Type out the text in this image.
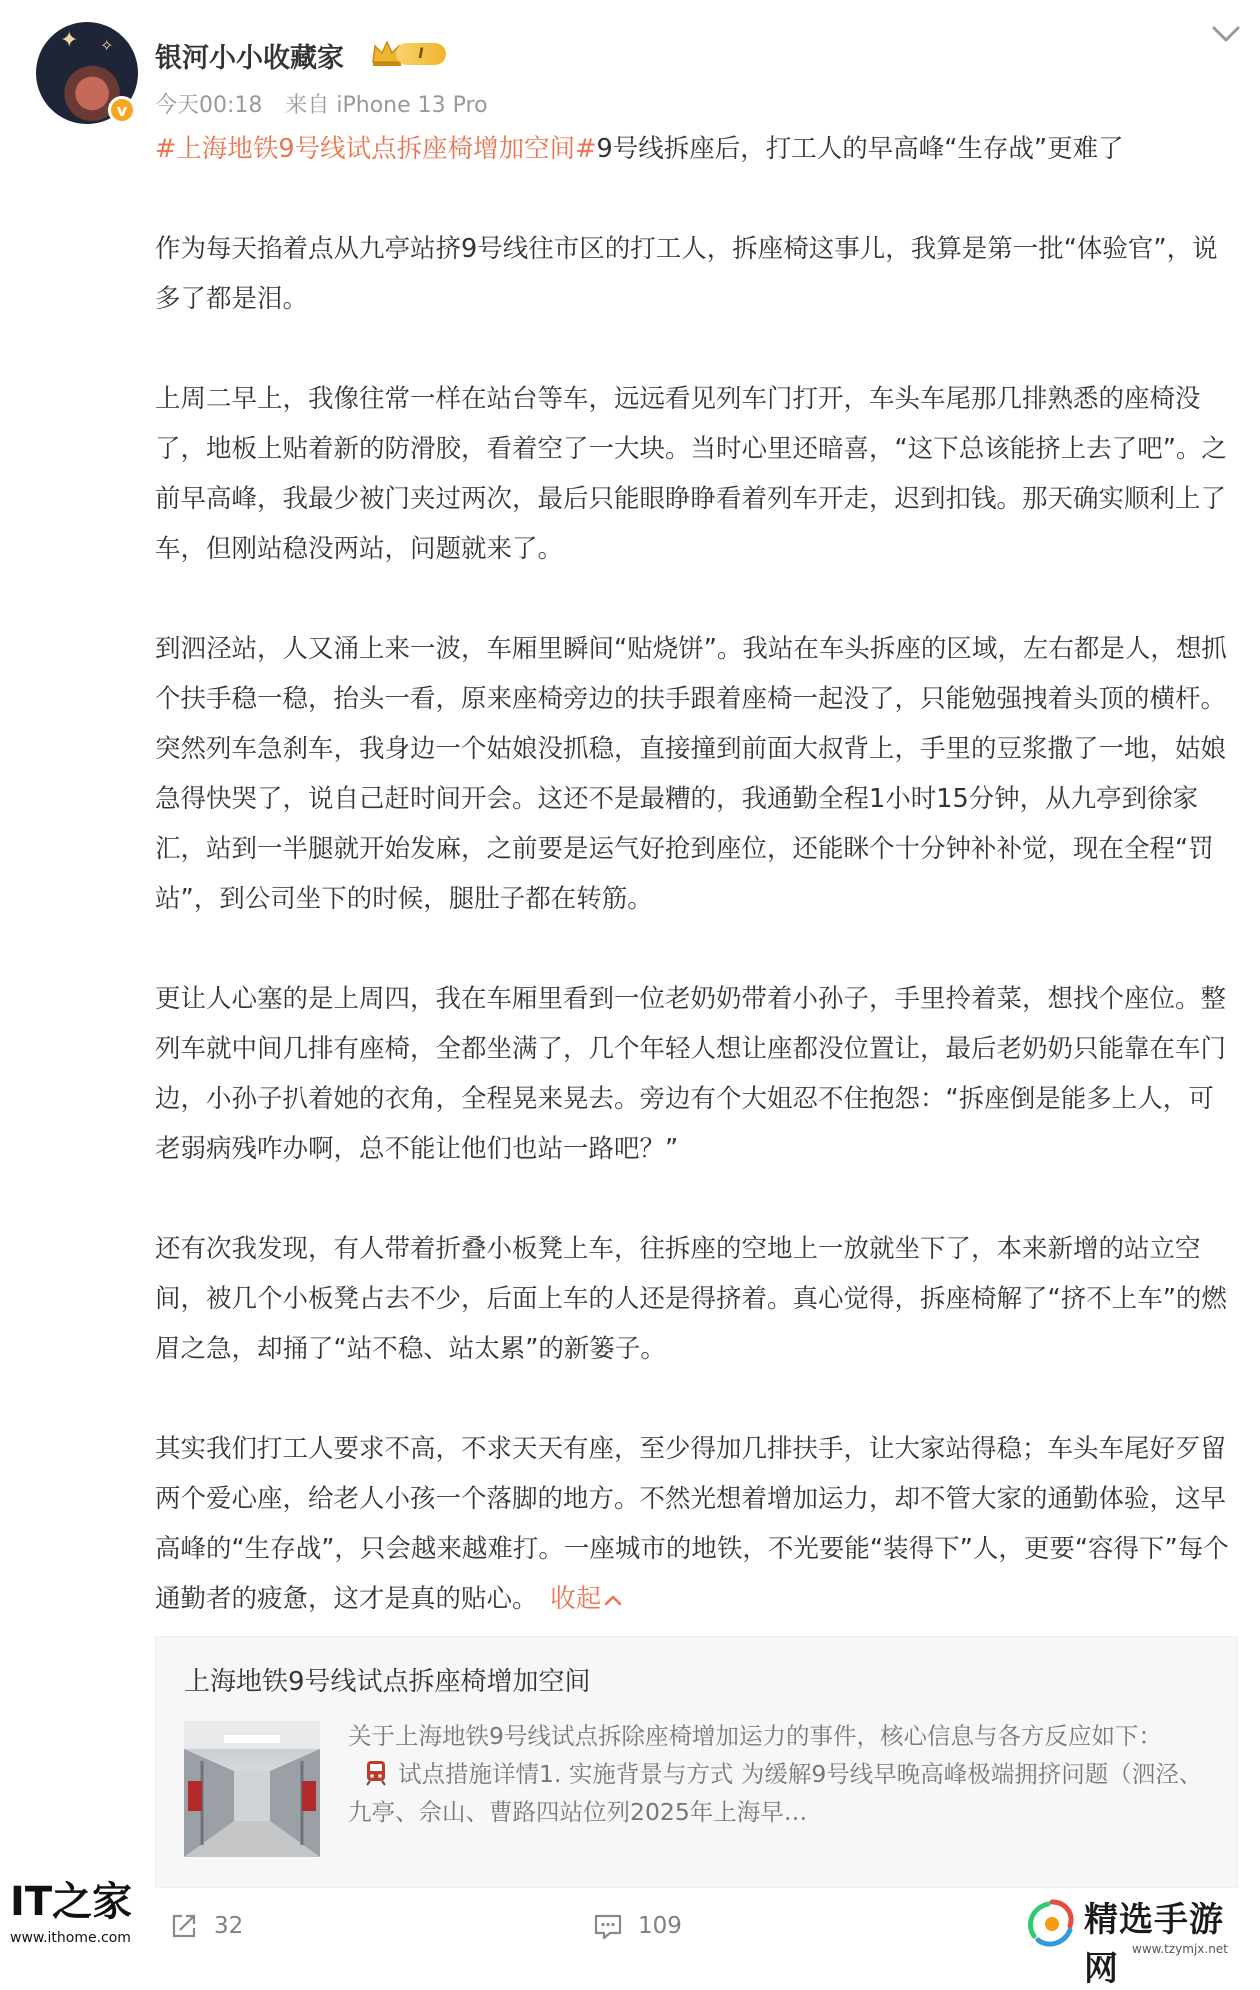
✦ ✧
v
银河小小收藏家	I
今天00:18 来自 iPhone 13 Pro

#上海地铁9号线试点拆座椅增加空间#9号线拆座后，打工人的早高峰“生存战”更难了

作为每天掐着点从九亭站挤9号线往市区的打工人，拆座椅这事儿，我算是第一批“体验官”，说多了都是泪。

上周二早上，我像往常一样在站台等车，远远看见列车门打开，车头车尾那几排熟悉的座椅没了，地板上贴着新的防滑胶，看着空了一大块。当时心里还暗喜，“这下总该能挤上去了吧”。之前早高峰，我最少被门夹过两次，最后只能眼睁睁看着列车开走，迟到扣钱。那天确实顺利上了车，但刚站稳没两站，问题就来了。

到泗泾站，人又涌上来一波，车厢里瞬间“贴烧饼”。我站在车头拆座的区域，左右都是人，想抓个扶手稳一稳，抬头一看，原来座椅旁边的扶手跟着座椅一起没了，只能勉强拽着头顶的横杆。突然列车急刹车，我身边一个姑娘没抓稳，直接撞到前面大叔背上，手里的豆浆撒了一地，姑娘急得快哭了，说自己赶时间开会。这还不是最糟的，我通勤全程1小时15分钟，从九亭到徐家汇，站到一半腿就开始发麻，之前要是运气好抢到座位，还能眯个十分钟补补觉，现在全程“罚站”，到公司坐下的时候，腿肚子都在转筋。

更让人心塞的是上周四，我在车厢里看到一位老奶奶带着小孙子，手里拎着菜，想找个座位。整列车就中间几排有座椅，全都坐满了，几个年轻人想让座都没位置让，最后老奶奶只能靠在车门边，小孙子扒着她的衣角，全程晃来晃去。旁边有个大姐忍不住抱怨：“拆座倒是能多上人，可老弱病残咋办啊，总不能让他们也站一路吧？”

还有次我发现，有人带着折叠小板凳上车，往拆座的空地上一放就坐下了，本来新增的站立空间，被几个小板凳占去不少，后面上车的人还是得挤着。真心觉得，拆座椅解了“挤不上车”的燃眉之急，却捅了“站不稳、站太累”的新篓子。

其实我们打工人要求不高，不求天天有座，至少得加几排扶手，让大家站得稳；车头车尾好歹留两个爱心座，给老人小孩一个落脚的地方。不然光想着增加运力，却不管大家的通勤体验，这早高峰的“生存战”，只会越来越难打。一座城市的地铁，不光要能“装得下”人，更要“容得下”每个通勤者的疲惫，这才是真的贴心。　 收起

上海地铁9号线试点拆座椅增加空间
关于上海地铁9号线试点拆除座椅增加运力的事件，核心信息与各方反应如下： 试点措施详情1. 实施背景与方式 为缓解9号线早晚高峰极端拥挤问题（泗泾、九亭、佘山、曹路四站位列2025年上海早…
32	109
IT之家
www.ithome.com	精选手游网	www.tzymjx.net
